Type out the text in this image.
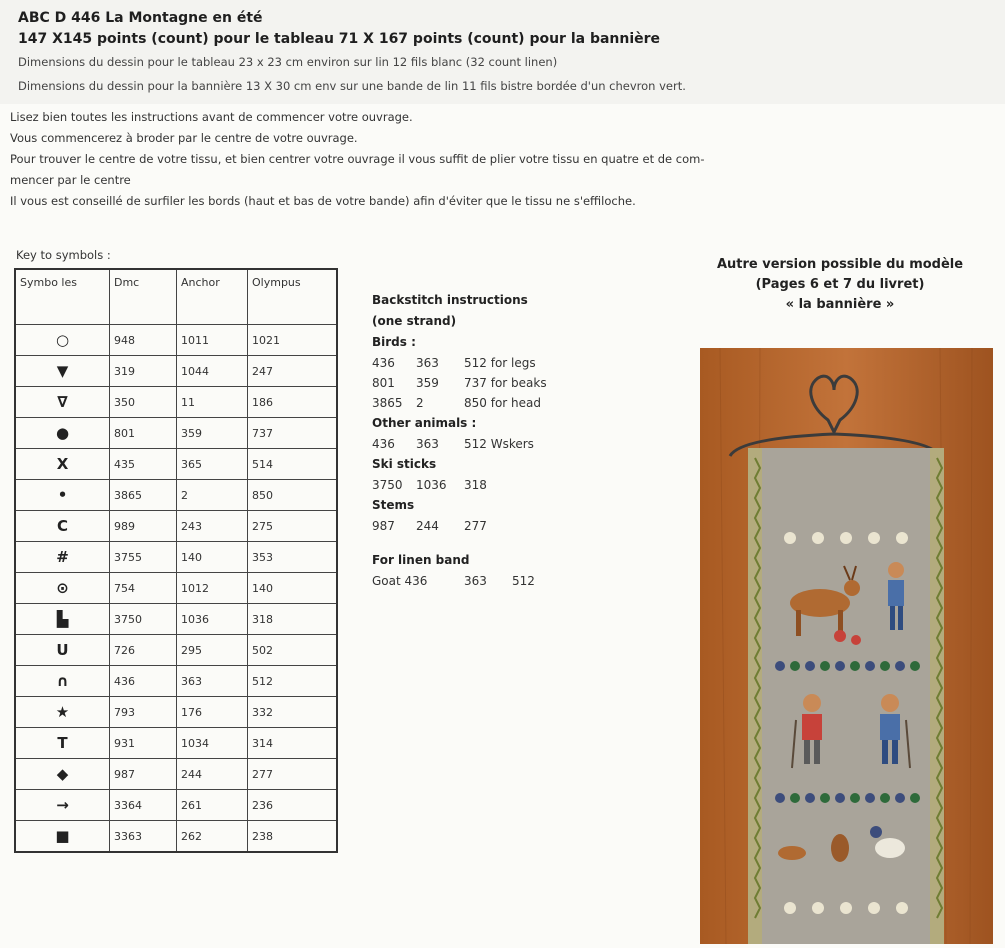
ABC D 446 La Montagne en été
147 X145 points (count) pour le tableau 71 X 167 points (count) pour la bannière
Dimensions du dessin pour le tableau 23 x 23 cm environ sur lin 12 fils blanc (32 count linen)
Dimensions du dessin pour la bannière 13 X 30 cm env sur une bande de lin 11 fils bistre bordée d'un chevron vert.
Lisez bien toutes les instructions avant de commencer votre ouvrage.
Vous commencerez à broder par le centre de votre ouvrage.
Pour trouver le centre de votre tissu, et bien centrer votre ouvrage il vous suffit de plier votre tissu en quatre et de com-
mencer par le centre
Il vous est conseillé de surfiler les bords (haut et bas de votre bande) afin d'éviter que le tissu ne s'effiloche.
Key to symbols :
Symbo les	Dmc	Anchor	Olympus
○	948	1011	1021
▼	319	1044	247
∇	350	11	186
●	801	359	737
X	435	365	514
•	3865	2	850
C	989	243	275
#	3755	140	353
⊙	754	1012	140
▙	3750	1036	318
U	726	295	502
∩	436	363	512
★	793	176	332
T	931	1034	314
◆	987	244	277
→	3364	261	236
■	3363	262	238
Backstitch instructions
(one strand)
Birds :
436	363	512 for legs
801	359	737 for beaks
3865	2	850 for head
Other animals :
436	363	512 Wskers
Ski sticks
3750	1036	318
Stems
987	244	277
For linen band
Goat 436	363	512
Autre version possible du modèle
(Pages 6 et 7 du livret)
« la bannière »
